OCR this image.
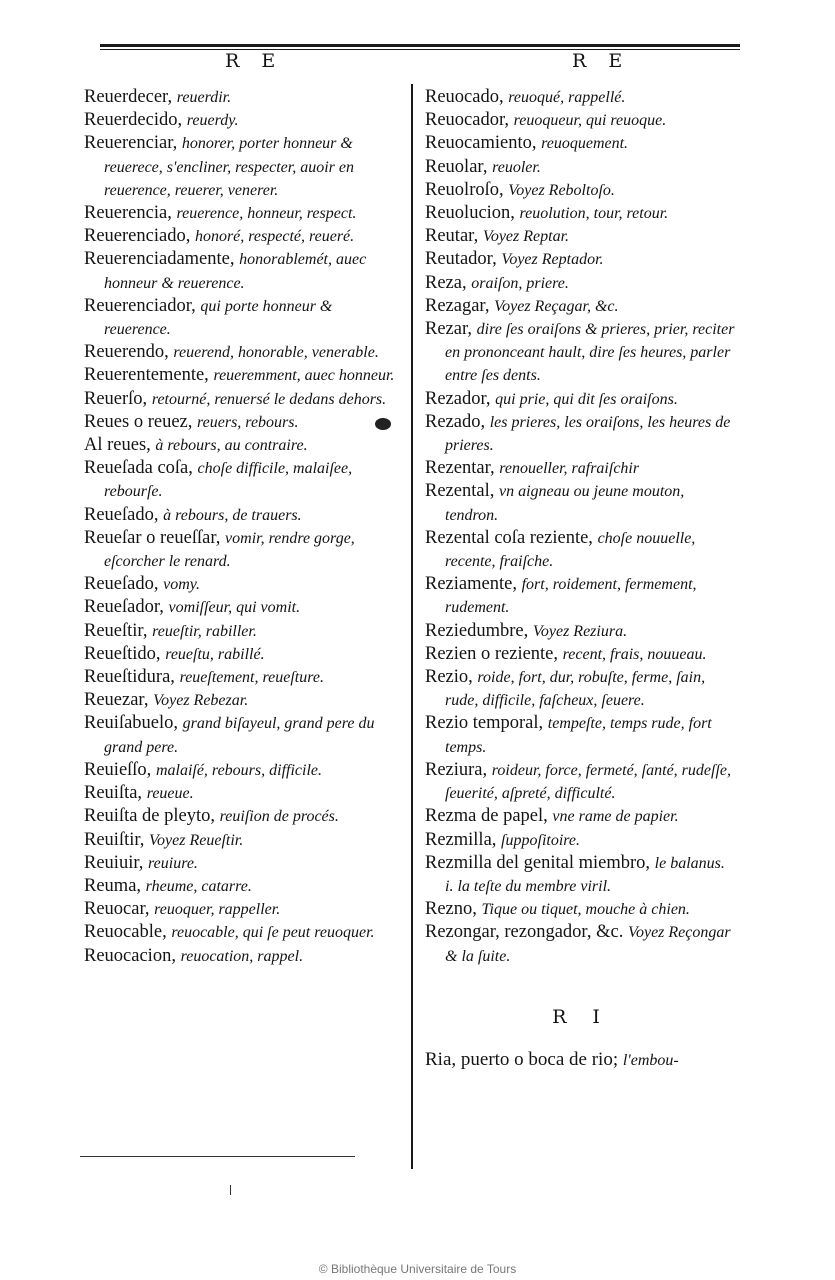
R E	R E

Reuerdecer, reuerdir.

Reuerdecido, reuerdy.

Reuerenciar, honorer, porter honneur & reuerece, s'encliner, respecter, auoir en reuerence, reuerer, venerer.

Reuerencia, reuerence, honneur, respect.

Reuerenciado, honoré, respecté, reueré.

Reuerenciadamente, honorablemét, auec honneur & reuerence.

Reuerenciador, qui porte honneur & reuerence.

Reuerendo, reuerend, honorable, venerable.

Reuerentemente, reueremment, auec honneur.

Reuerſo, retourné, renuersé le dedans dehors.

Reues o reuez, reuers, rebours.

Al reues, à rebours, au contraire.

Reueſada coſa, choſe difficile, malaiſee, rebourſe.

Reueſado, à rebours, de trauers.

Reueſar o reueſſar, vomir, rendre gorge, eſcorcher le renard.

Reueſado, vomy.

Reueſador, vomiſſeur, qui vomit.

Reueſtir, reueſtir, rabiller.

Reueſtido, reueſtu, rabillé.

Reueſtidura, reueſtement, reueſture.

Reuezar, Voyez Rebezar.

Reuiſabuelo, grand biſayeul, grand pere du grand pere.

Reuieſſo, malaiſé, rebours, difficile.

Reuiſta, reueue.

Reuiſta de pleyto, reuiſion de procés.

Reuiſtir, Voyez Reueſtir.

Reuiuir, reuiure.

Reuma, rheume, catarre.

Reuocar, reuoquer, rappeller.

Reuocable, reuocable, qui ſe peut reuoquer.

Reuocacion, reuocation, rappel.

Reuocado, reuoqué, rappellé.

Reuocador, reuoqueur, qui reuoque.

Reuocamiento, reuoquement.

Reuolar, reuoler.

Reuolroſo, Voyez Reboltoſo.

Reuolucion, reuolution, tour, retour.

Reutar, Voyez Reptar.

Reutador, Voyez Reptador.

Reza, oraiſon, priere.

Rezagar, Voyez Reçagar, &c.

Rezar, dire ſes oraiſons & prieres, prier, reciter en prononceant hault, dire ſes heures, parler entre ſes dents.

Rezador, qui prie, qui dit ſes oraiſons.

Rezado, les prieres, les oraiſons, les heures de prieres.

Rezentar, renoueller, rafraiſchir

Rezental, vn aigneau ou jeune mouton, tendron.

Rezental coſa reziente, choſe nouuelle, recente, fraiſche.

Reziamente, fort, roidement, fermement, rudement.

Reziedumbre, Voyez Reziura.

Rezien o reziente, recent, frais, nouueau.

Rezio, roide, fort, dur, robuſte, ferme, ſain, rude, difficile, faſcheux, ſeuere.

Rezio temporal, tempeſte, temps rude, fort temps.

Reziura, roideur, force, fermeté, ſanté, rudeſſe, ſeuerité, aſpreté, difficulté.

Rezma de papel, vne rame de papier.

Rezmilla, ſuppoſitoire.

Rezmilla del genital miembro, le balanus. i. la teſte du membre viril.

Rezno, Tique ou tiquet, mouche à chien.

Rezongar, rezongador, &c. Voyez Reçongar & la ſuite.

R I

Ria, puerto o boca de rio; l'embou-

© Bibliothèque Universitaire de Tours
